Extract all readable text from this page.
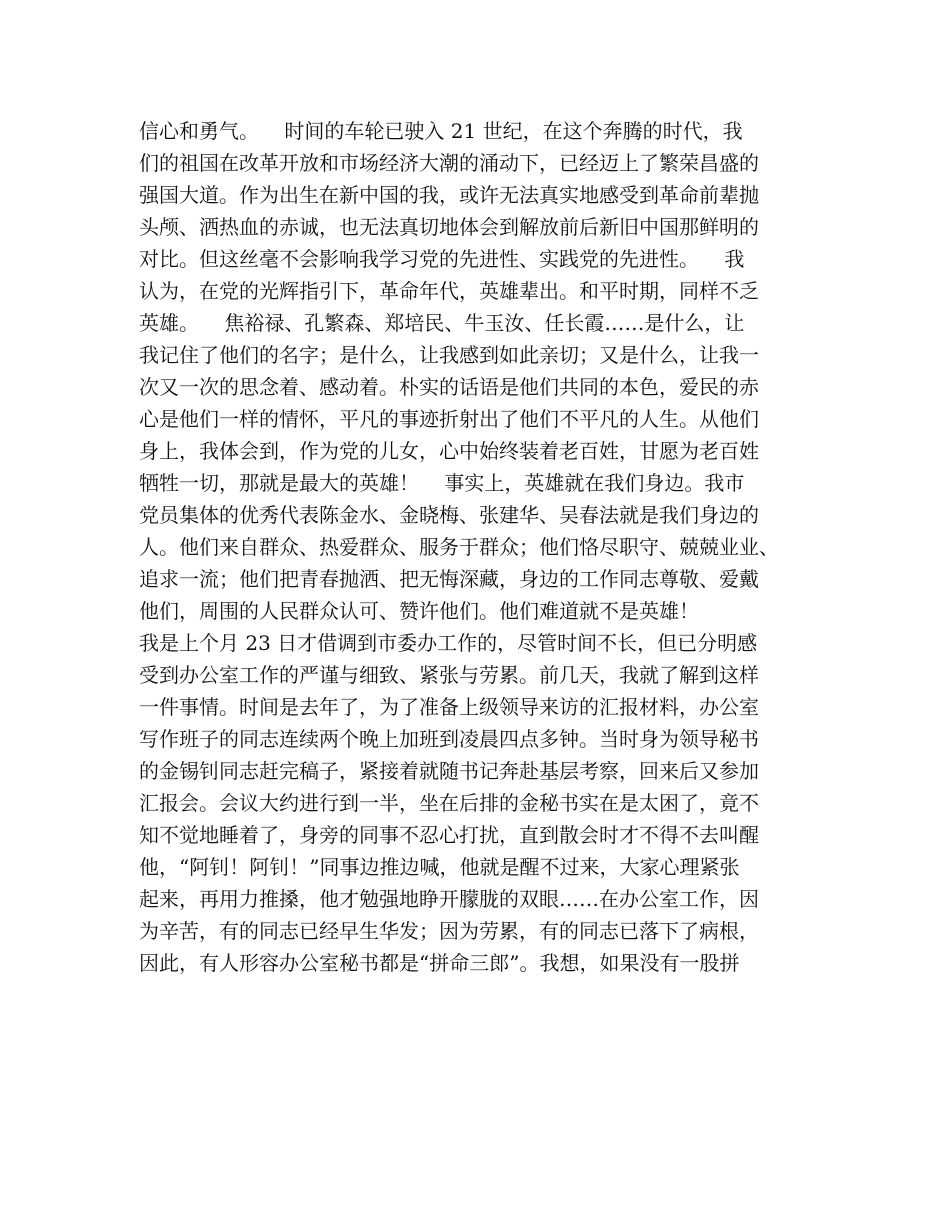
信心和勇气。    时间的车轮已驶入 21 世纪，在这个奔腾的时代，我
们的祖国在改革开放和市场经济大潮的涌动下，已经迈上了繁荣昌盛的
强国大道。作为出生在新中国的我，或许无法真实地感受到革命前辈抛
头颅、洒热血的赤诚，也无法真切地体会到解放前后新旧中国那鲜明的
对比。但这丝毫不会影响我学习党的先进性、实践党的先进性。    我
认为，在党的光辉指引下，革命年代，英雄辈出。和平时期，同样不乏
英雄。    焦裕禄、孔繁森、郑培民、牛玉汝、任长霞……是什么，让
我记住了他们的名字；是什么，让我感到如此亲切；又是什么，让我一
次又一次的思念着、感动着。朴实的话语是他们共同的本色，爱民的赤
心是他们一样的情怀，平凡的事迹折射出了他们不平凡的人生。从他们
身上，我体会到，作为党的儿女，心中始终装着老百姓，甘愿为老百姓
牺牲一切，那就是最大的英雄！    事实上，英雄就在我们身边。我市
党员集体的优秀代表陈金水、金晓梅、张建华、吴春法就是我们身边的
人。他们来自群众、热爱群众、服务于群众；他们恪尽职守、兢兢业业、
追求一流；他们把青春抛洒、把无悔深藏，身边的工作同志尊敬、爱戴
他们，周围的人民群众认可、赞许他们。他们难道就不是英雄！
我是上个月 23 日才借调到市委办工作的，尽管时间不长，但已分明感
受到办公室工作的严谨与细致、紧张与劳累。前几天，我就了解到这样
一件事情。时间是去年了，为了准备上级领导来访的汇报材料，办公室
写作班子的同志连续两个晚上加班到凌晨四点多钟。当时身为领导秘书
的金锡钊同志赶完稿子，紧接着就随书记奔赴基层考察，回来后又参加
汇报会。会议大约进行到一半，坐在后排的金秘书实在是太困了，竟不
知不觉地睡着了，身旁的同事不忍心打扰，直到散会时才不得不去叫醒
他，“阿钊！阿钊！”同事边推边喊，他就是醒不过来，大家心理紧张
起来，再用力推搡，他才勉强地睁开朦胧的双眼……在办公室工作，因
为辛苦，有的同志已经早生华发；因为劳累，有的同志已落下了病根，
因此，有人形容办公室秘书都是“拼命三郎”。我想，如果没有一股拼
